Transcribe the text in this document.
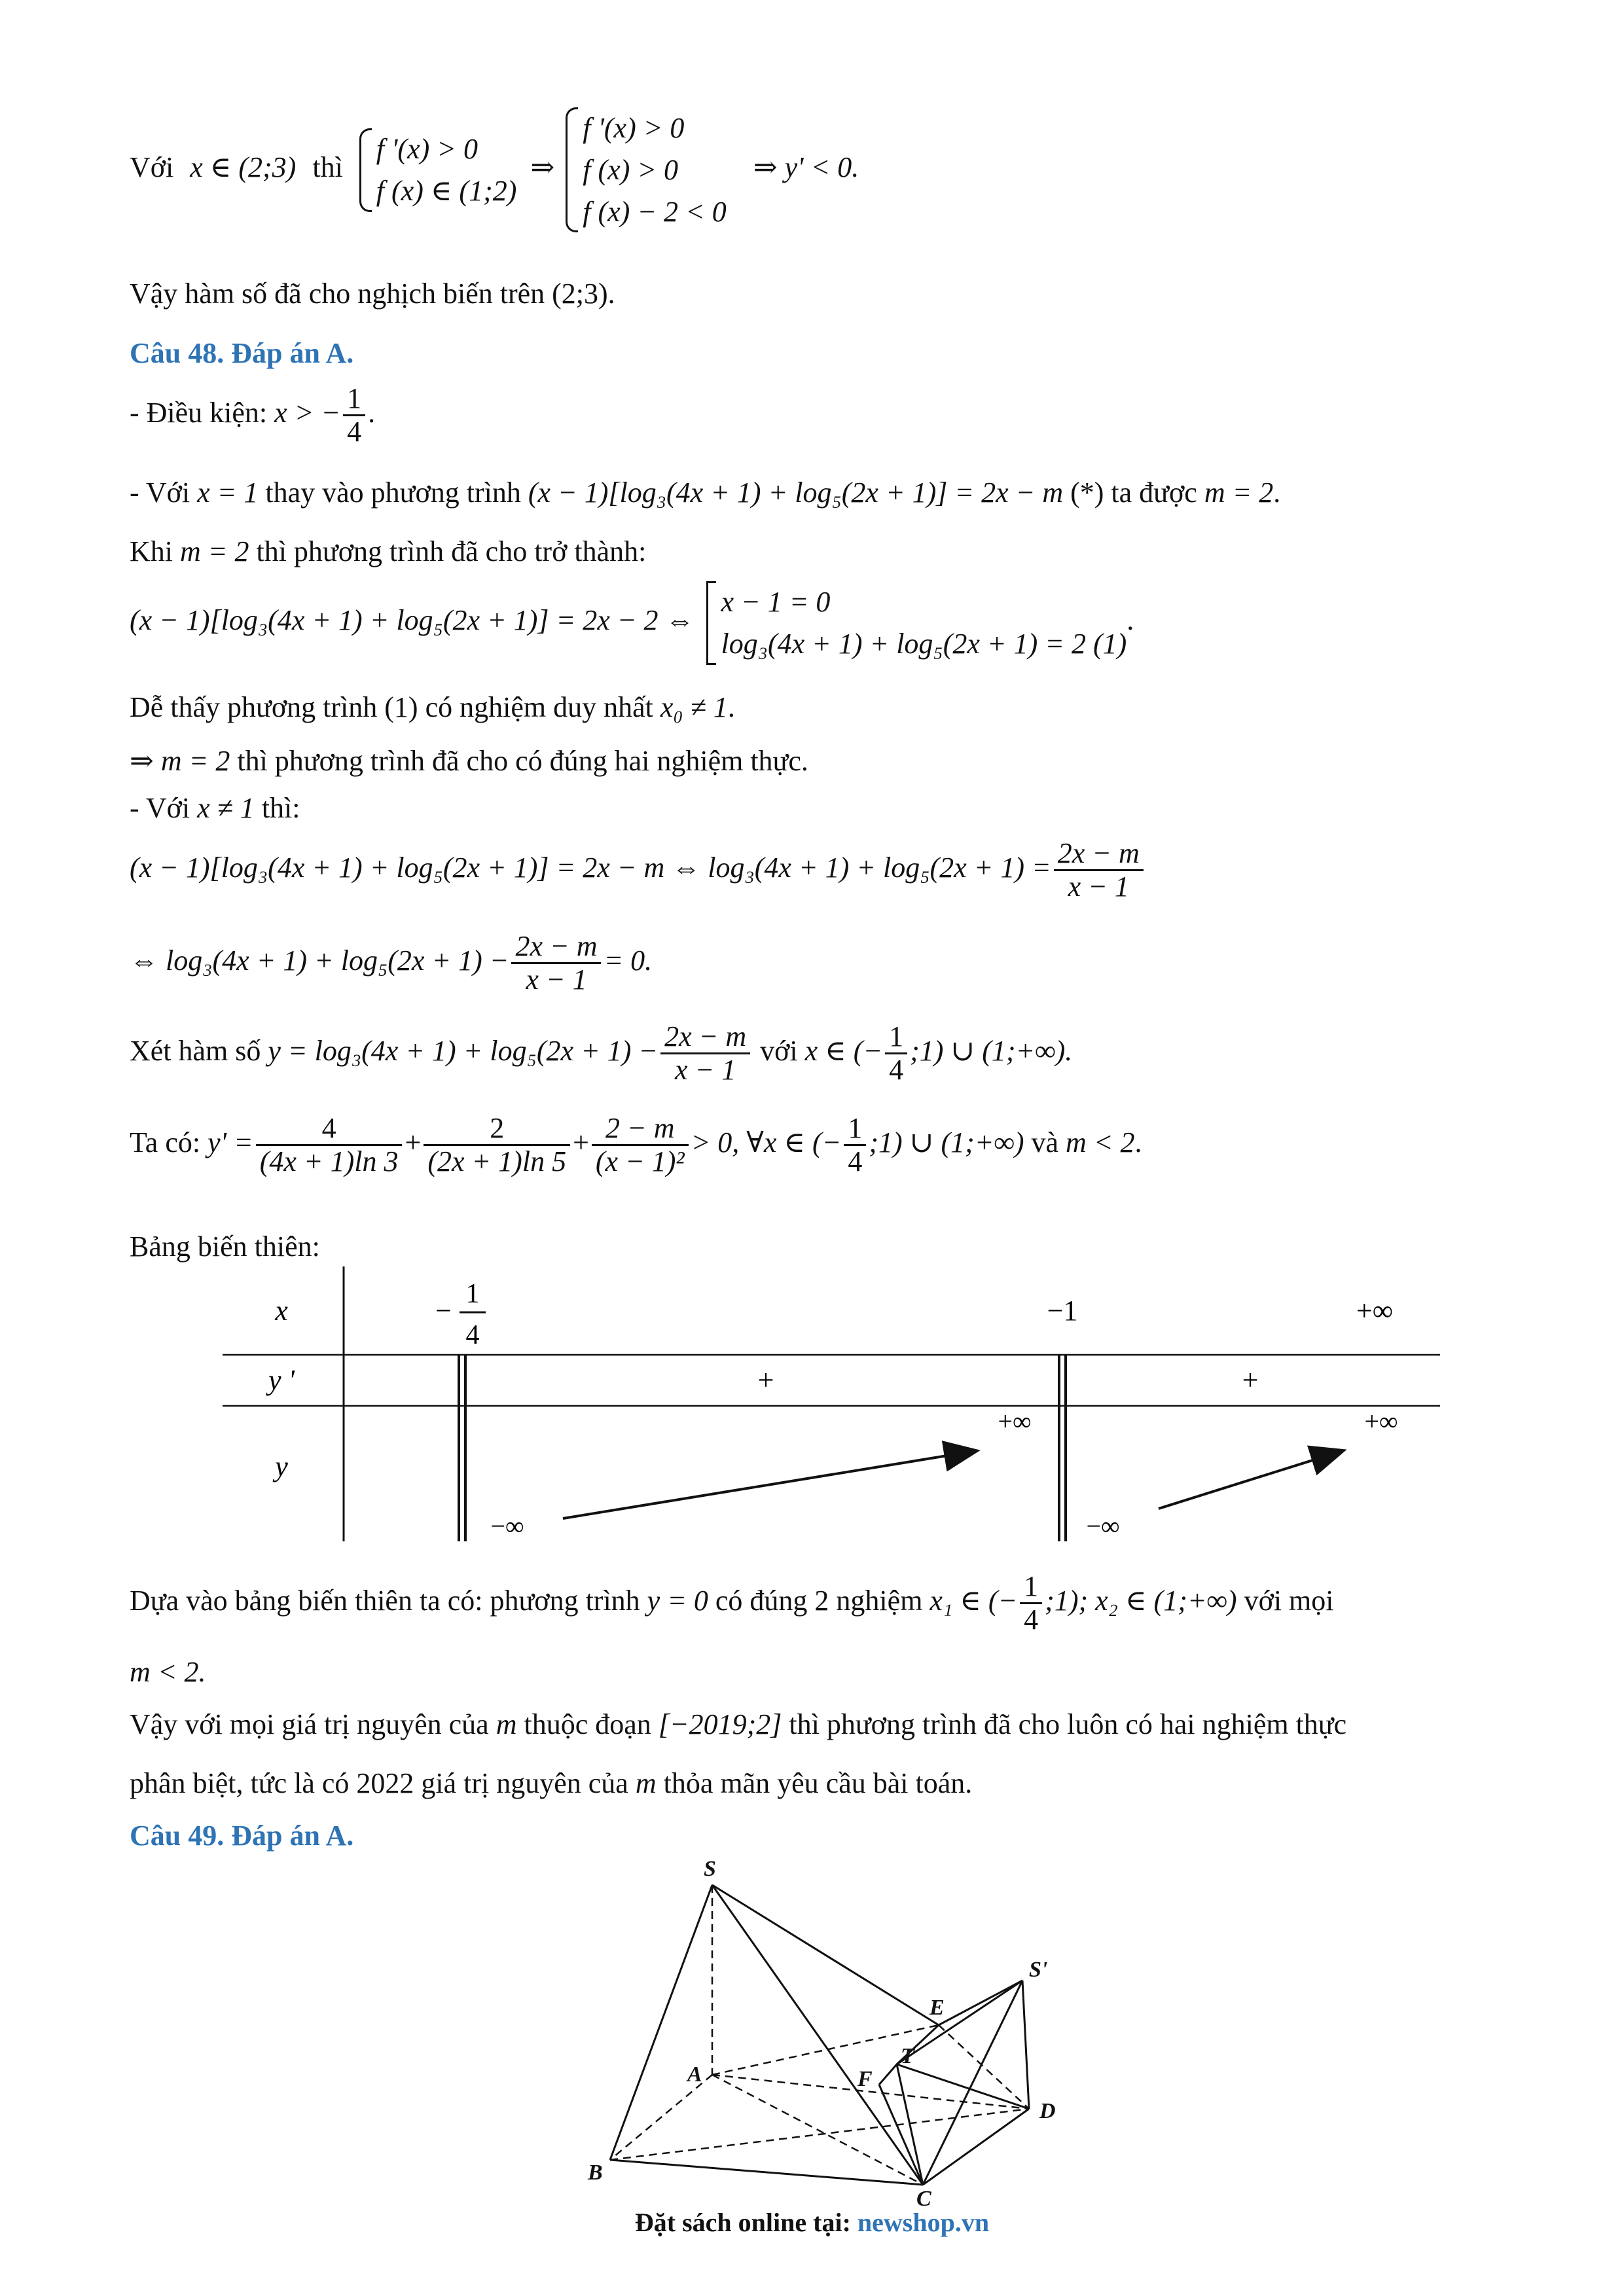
Với x ∈ (2;3) thì
f '(x) > 0
f (x) ∈ (1;2)
⇒
f '(x) > 0
f (x) > 0
f (x) − 2 < 0
⇒ y' < 0.
Vậy hàm số đã cho nghịch biến trên (2;3).
Câu 48. Đáp án A.
- Điều kiện: x > − $\frac{1}{4}$ .
- Với x = 1 thay vào phương trình (x − 1)[log₃(4x + 1) + log₅(2x + 1)] = 2x − m (*) ta được m = 2.
Khi m = 2 thì phương trình đã cho trở thành:
(x − 1)[log₃(4x + 1) + log₅(2x + 1)] = 2x − 2 ⇔
x − 1 = 0
log₃(4x + 1) + log₅(2x + 1) = 2 (1)
.
Dễ thấy phương trình (1) có nghiệm duy nhất x₀ ≠ 1.
⇒ m = 2 thì phương trình đã cho có đúng hai nghiệm thực.
- Với x ≠ 1 thì:
(x − 1)[log₃(4x + 1) + log₅(2x + 1)] = 2x − m ⇔ $\log_3(4x + 1) + \log_5(2x + 1) = \frac{2x - m}{x - 1}$
⇔ $\log_3(4x + 1) + \log_5(2x + 1) - \frac{2x - m}{x - 1} = 0$.
Xét hàm số $y = \log_3(4x + 1) + \log_5(2x + 1) - \frac{2x - m}{x - 1}$ với x ∈ (− $\frac{1}{4}$ ;1) ∪ (1;+∞).
Ta có: $y' = \frac{4}{(4x + 1)\ln 3} + \frac{2}{(2x + 1)\ln 5} + \frac{2 - m}{\text{(x − 1)²}} > 0$, ∀x ∈ (− $\frac{1}{4}$ ;1) ∪ (1;+∞) và m < 2.
Bảng biến thiên:
x
y '
y
−
1
4
−1	+∞
+	+
−∞
+∞
−∞
+∞
Dựa vào bảng biến thiên ta có: phương trình y = 0 có đúng 2 nghiệm x₁ ∈ (− $\frac{1}{4}$ ;1); x₂ ∈ (1;+∞) với mọi
m < 2.
Vậy với mọi giá trị nguyên của m thuộc đoạn [−2019;2] thì phương trình đã cho luôn có hai nghiệm thực
phân biệt, tức là có 2022 giá trị nguyên của m thỏa mãn yêu cầu bài toán.
Câu 49. Đáp án A.
S
S'
A
B
C
D
E
F
T
Đặt sách online tại: newshop.vn
